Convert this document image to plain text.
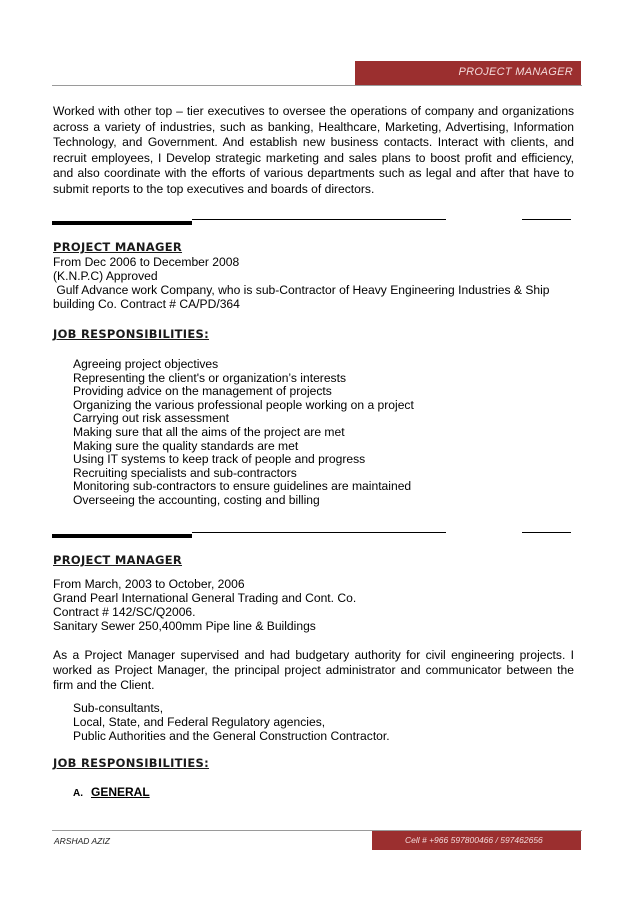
PROJECT MANAGER

Worked with other top – tier executives to oversee the operations of company and organizations across a variety of industries, such as banking, Healthcare, Marketing, Advertising, Information Technology, and Government. And establish new business contacts. Interact with clients, and recruit employees, I Develop strategic marketing and sales plans to boost profit and efficiency, and also coordinate with the efforts of various departments such as legal and after that have to submit reports to the top executives and boards of directors.

PROJECT MANAGER
From Dec 2006 to December 2008
(K.N.P.C) Approved
Gulf Advance work Company, who is sub-Contractor of Heavy Engineering Industries & Ship
building Co. Contract # CA/PD/364
JOB RESPONSIBILITIES:
Agreeing project objectives
Representing the client's or organization’s interests
Providing advice on the management of projects
Organizing the various professional people working on a project
Carrying out risk assessment
Making sure that all the aims of the project are met
Making sure the quality standards are met
Using IT systems to keep track of people and progress
Recruiting specialists and sub-contractors
Monitoring sub-contractors to ensure guidelines are maintained
Overseeing the accounting, costing and billing
PROJECT MANAGER
From March, 2003 to October, 2006
Grand Pearl International General Trading and Cont. Co.
Contract # 142/SC/Q2006.
Sanitary Sewer 250,400mm Pipe line & Buildings

As a Project Manager supervised and had budgetary authority for civil engineering projects. I worked as Project Manager, the principal project administrator and communicator between the firm and the Client.

Sub-consultants,
Local, State, and Federal Regulatory agencies,
Public Authorities and the General Construction Contractor.
JOB RESPONSIBILITIES:
A. GENERAL
ARSHAD AZIZ	Cell # +966 597800466 / 597462656
